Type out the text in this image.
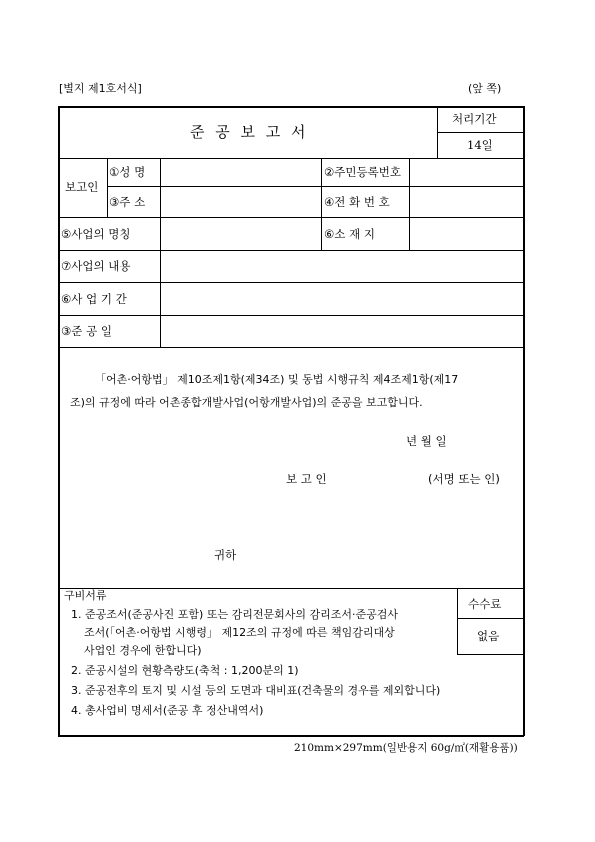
[별지 제1호서식]	(앞 쪽)
준 공 보 고 서
처리기간
14일
보고인
①성 명	②주민등록번호
③주 소	④전 화 번 호
⑤사업의 명칭	⑥소 재 지
⑦사업의 내용
⑥사 업 기 간
③준 공 일
「어촌·어항법」 제10조제1항(제34조) 및 동법 시행규칙 제4조제1항(제17
조)의 규정에 따라 어촌종합개발사업(어항개발사업)의 준공을 보고합니다.
년 월 일
보 고 인	(서명 또는 인)
귀하
수수료
없음
구비서류
1. 준공조서(준공사진 포함) 또는 감리전문회사의 감리조서·준공검사
조서(「어촌·어항법 시행령」 제12조의 규정에 따른 책임감리대상
사업인 경우에 한합니다)
2. 준공시설의 현황측량도(축척 : 1,200분의 1)
3. 준공전후의 토지 및 시설 등의 도면과 대비표(건축물의 경우를 제외합니다)
4. 총사업비 명세서(준공 후 정산내역서)
210mm×297mm(일반용지 60g/㎡(재활용품))
